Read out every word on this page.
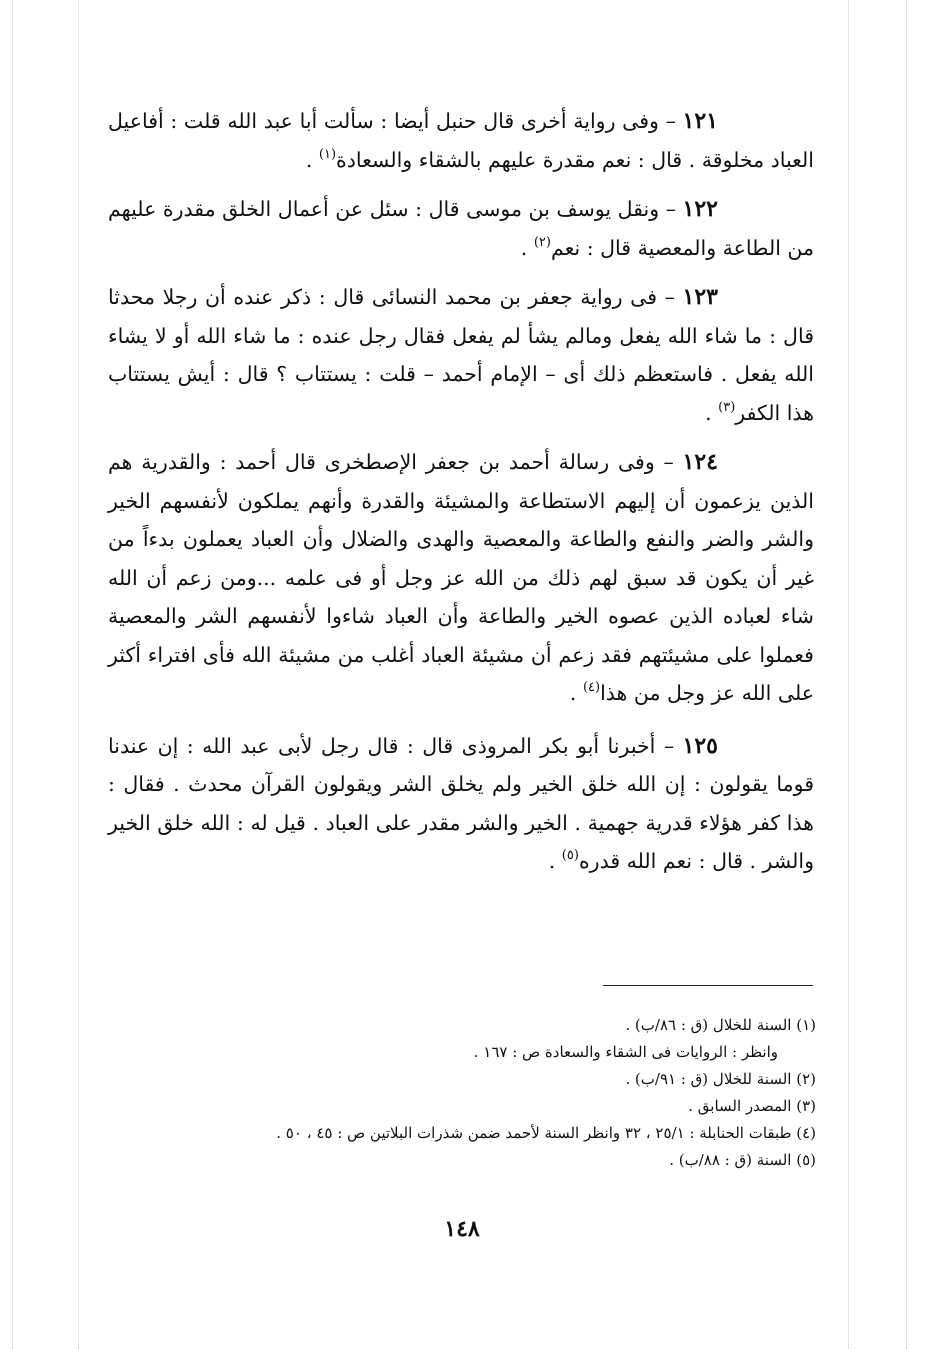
١٢١ – وفى رواية أخرى قال حنبل أيضا : سألت أبا عبد الله قلت : أفاعيل العباد مخلوقة . قال : نعم مقدرة عليهم بالشقاء والسعادة$^{(١)}$ .

١٢٢ – ونقل يوسف بن موسى قال : سئل عن أعمال الخلق مقدرة عليهم من الطاعة والمعصية قال : نعم$^{(٢)}$ .

١٢٣ – فى رواية جعفر بن محمد النسائى قال : ذكر عنده أن رجلا محدثا قال : ما شاء الله يفعل ومالم يشأ لم يفعل فقال رجل عنده : ما شاء الله أو لا يشاء الله يفعل . فاستعظم ذلك أى – الإمام أحمد – قلت : يستتاب ؟ قال : أيش يستتاب هذا الكفر$^{(٣)}$ .

١٢٤ – وفى رسالة أحمد بن جعفر الإصطخرى قال أحمد : والقدرية هم الذين يزعمون أن إليهم الاستطاعة والمشيئة والقدرة وأنهم يملكون لأنفسهم الخير والشر والضر والنفع والطاعة والمعصية والهدى والضلال وأن العباد يعملون بدءاً من غير أن يكون قد سبق لهم ذلك من الله عز وجل أو فى علمه ...ومن زعم أن الله شاء لعباده الذين عصوه الخير والطاعة وأن العباد شاءوا لأنفسهم الشر والمعصية فعملوا على مشيئتهم فقد زعم أن مشيئة العباد أغلب من مشيئة الله فأى افتراء أكثر على الله عز وجل من هذا$^{(٤)}$ .

١٢٥ – أخبرنا أبو بكر المروذى قال : قال رجل لأبى عبد الله : إن عندنا قوما يقولون : إن الله خلق الخير ولم يخلق الشر ويقولون القرآن محدث . فقال : هذا كفر هؤلاء قدرية جهمية . الخير والشر مقدر على العباد . قيل له : الله خلق الخير والشر . قال : نعم الله قدره$^{(٥)}$ .

(١) السنة للخلال (ق : ٨٦/ب) .

وانظر : الروايات فى الشقاء والسعادة ص : ١٦٧ .

(٢) السنة للخلال (ق : ٩١/ب) .

(٣) المصدر السابق .

(٤) طبقات الحنابلة : ٢٥/١ ، ٣٢ وانظر السنة لأحمد ضمن شذرات البلاتين ص : ٤٥ ، ٥٠ .

(٥) السنة (ق : ٨٨/ب) .

١٤٨
